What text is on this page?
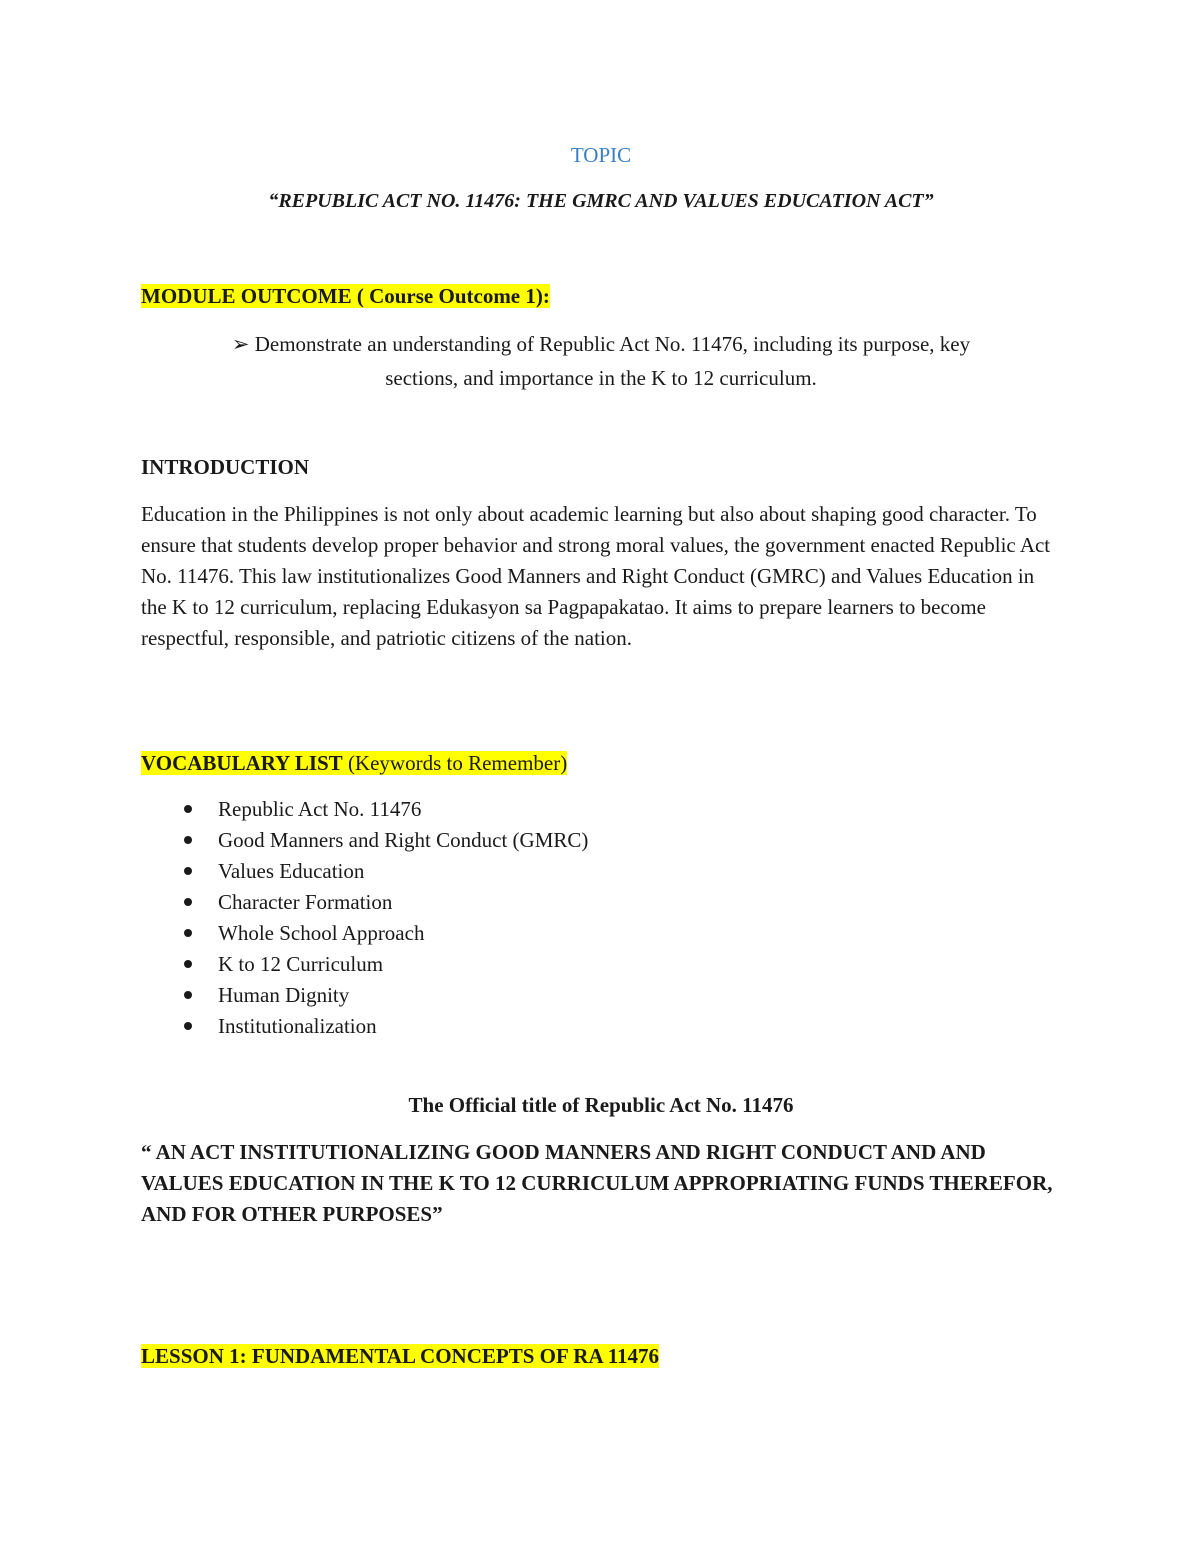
TOPIC
“REPUBLIC ACT NO. 11476: THE GMRC AND VALUES EDUCATION ACT”
MODULE OUTCOME ( Course Outcome 1):
➢ Demonstrate an understanding of Republic Act No. 11476, including its purpose, key
sections, and importance in the K to 12 curriculum.
INTRODUCTION
Education in the Philippines is not only about academic learning but also about shaping good character. To ensure that students develop proper behavior and strong moral values, the government enacted Republic Act No. 11476. This law institutionalizes Good Manners and Right Conduct (GMRC) and Values Education in the K to 12 curriculum, replacing Edukasyon sa Pagpapakatao. It aims to prepare learners to become respectful, responsible, and patriotic citizens of the nation.
VOCABULARY LIST (Keywords to Remember)
Republic Act No. 11476
Good Manners and Right Conduct (GMRC)
Values Education
Character Formation
Whole School Approach
K to 12 Curriculum
Human Dignity
Institutionalization
The Official title of Republic Act No. 11476
“ AN ACT INSTITUTIONALIZING GOOD MANNERS AND RIGHT CONDUCT AND AND VALUES EDUCATION IN THE K TO 12 CURRICULUM APPROPRIATING FUNDS THEREFOR, AND FOR OTHER PURPOSES”
LESSON 1: FUNDAMENTAL CONCEPTS OF RA 11476
